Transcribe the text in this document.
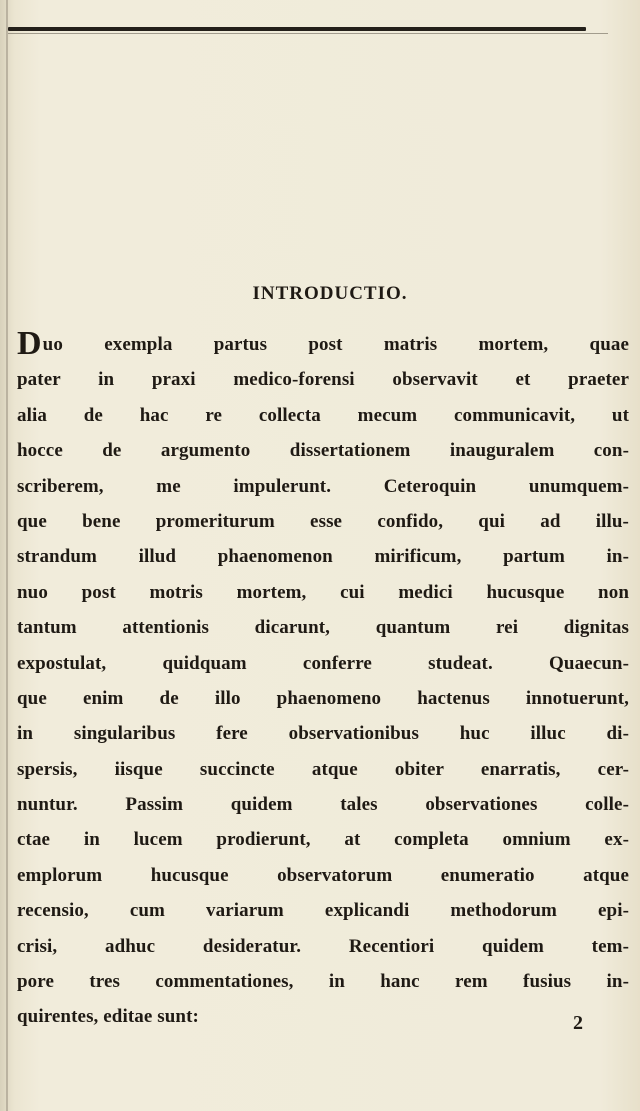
INTRODUCTIO.
Duo exempla partus post matris mortem, quae
pater in praxi medico-forensi observavit et praeter
alia de hac re collecta mecum communicavit, ut
hocce de argumento dissertationem inauguralem con-
scriberem, me impulerunt. Ceteroquin unumquem-
que bene promeriturum esse confido, qui ad illu-
strandum illud phaenomenon mirificum, partum in-
nuo post motris mortem, cui medici hucusque non
tantum attentionis dicarunt, quantum rei dignitas
expostulat, quidquam conferre studeat. Quaecun-
que enim de illo phaenomeno hactenus innotuerunt,
in singularibus fere observationibus huc illuc di-
spersis, iisque succincte atque obiter enarratis, cer-
nuntur. Passim quidem tales observationes colle-
ctae in lucem prodierunt, at completa omnium ex-
emplorum hucusque observatorum enumeratio atque
recensio, cum variarum explicandi methodorum epi-
crisi, adhuc desideratur. Recentiori quidem tem-
pore tres commentationes, in hanc rem fusius in-
quirentes, editae sunt:	2
